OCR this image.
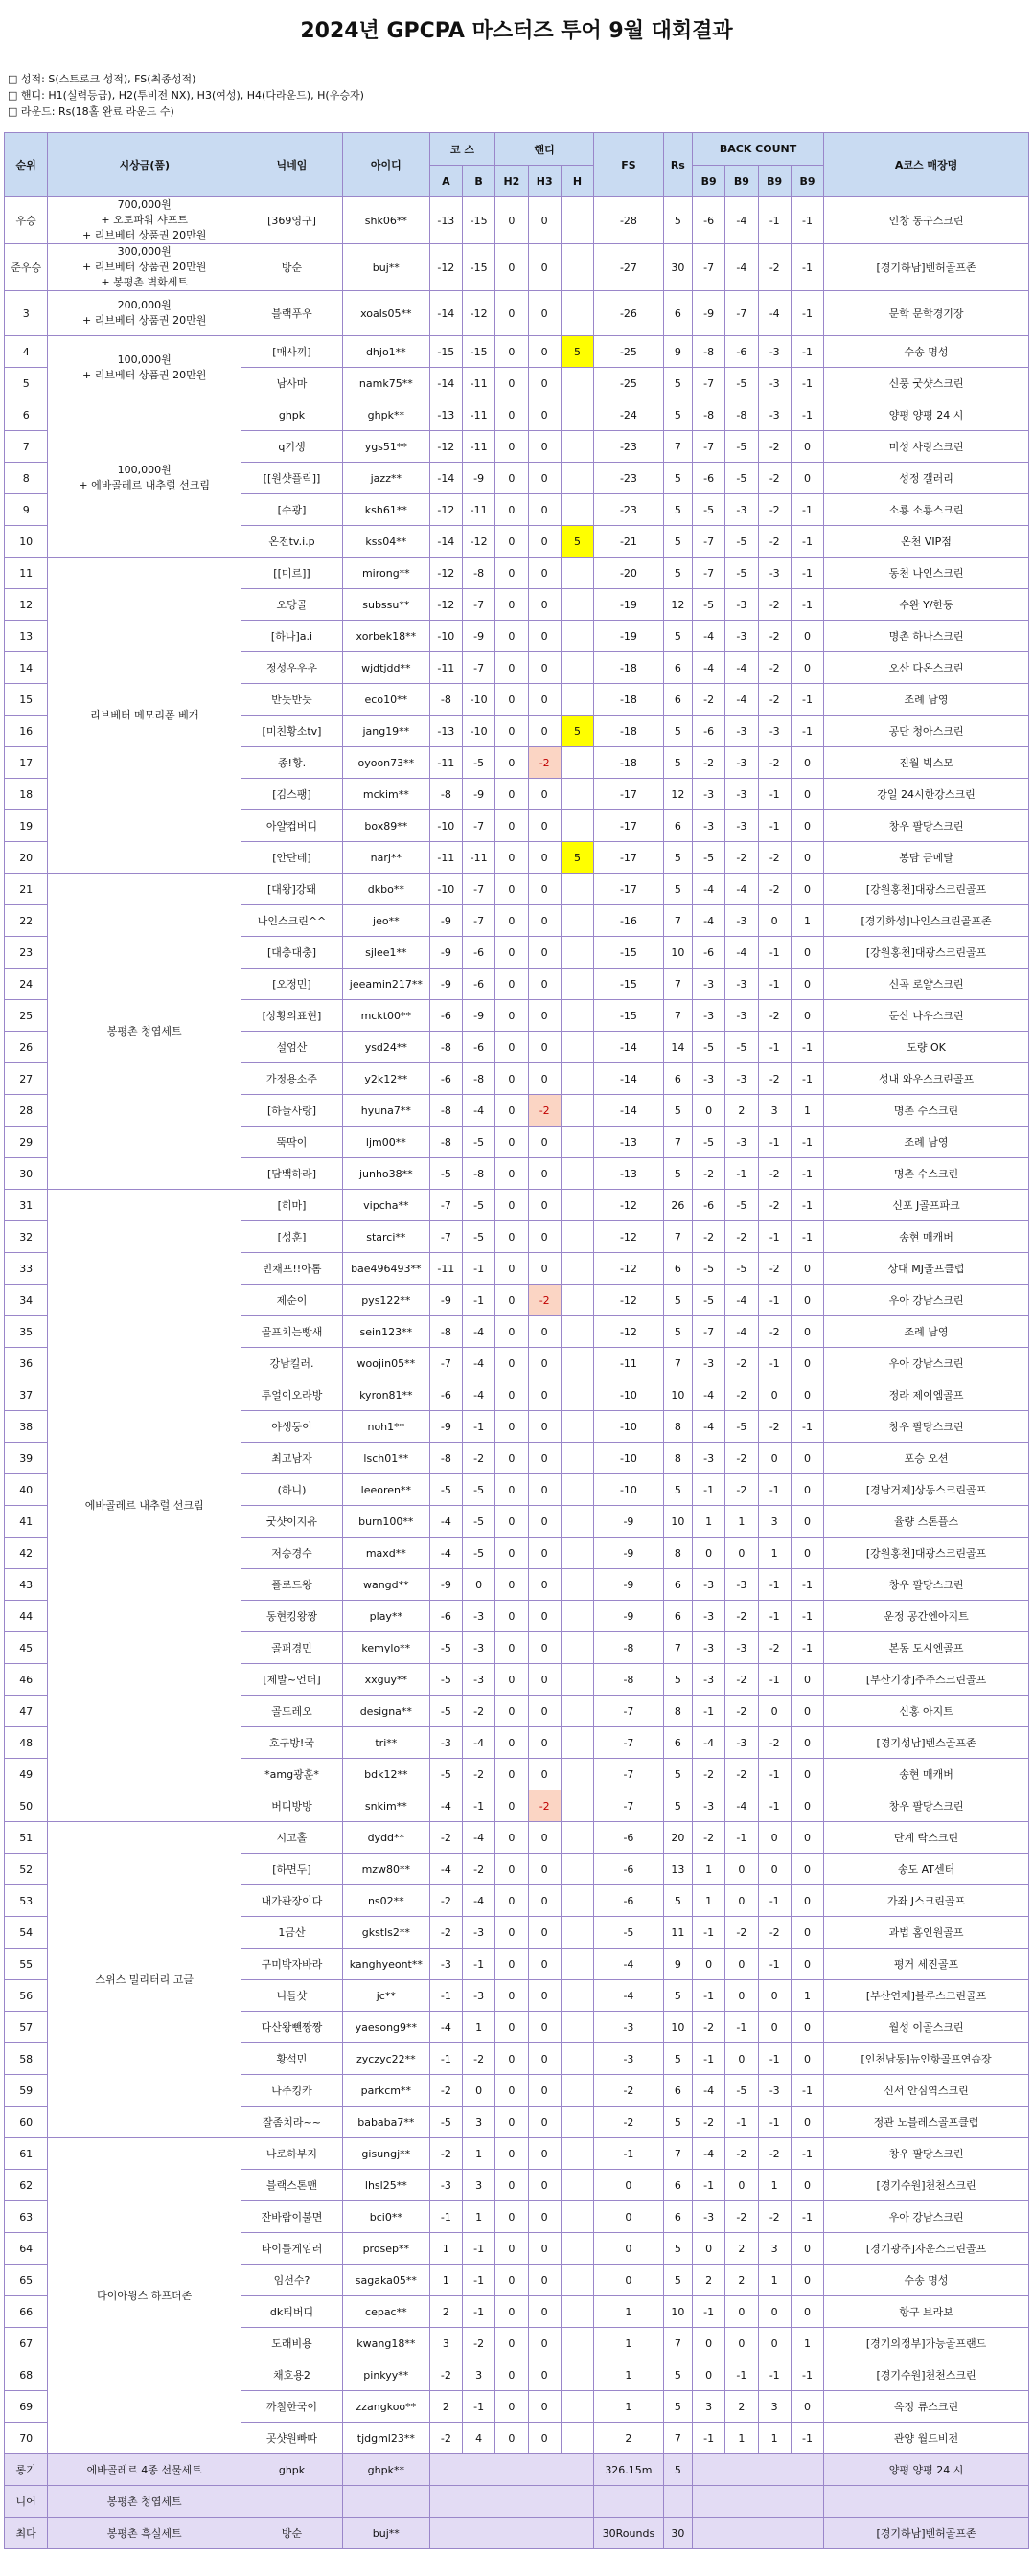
2024년 GPCPA 마스터즈 투어 9월 대회결과
□ 성적: S(스트로크 성적), FS(최종성적)
□ 핸디: H1(실력등급), H2(투비전 NX), H3(여성), H4(다라운드), H(우승자)
□ 라운드: Rs(18홀 완료 라운드 수)
순위	시상금(품)	닉네임	아이디	코 스		핸디			FS	Rs	BACK COUNT				A코스 매장명
				A	B	H2	H3	H			B9	B9	B9	B9	
우승	700,000원
+ 오토파워 샤프트
+ 리브베터 상품권 20만원	[369영구]	shk06**	-13	-15	0	0		-28	5	-6	-4	-1	-1	인창 동구스크린
준우승	300,000원
+ 리브베터 상품권 20만원
+ 봉평촌 벽화세트	방순	buj**	-12	-15	0	0		-27	30	-7	-4	-2	-1	[경기하남]벤허골프존
3	200,000원
+ 리브베터 상품권 20만원	블랙푸우	xoals05**	-14	-12	0	0		-26	6	-9	-7	-4	-1	문학 문학경기장
4	100,000원
+ 리브베터 상품권 20만원	[매사끼]	dhjo1**	-15	-15	0	0	5	-25	9	-8	-6	-3	-1	수송 명성
5		남사마	namk75**	-14	-11	0	0		-25	5	-7	-5	-3	-1	신풍 굿샷스크린
6	100,000원
+ 에바골레르 내추럴 선크림	ghpk	ghpk**	-13	-11	0	0		-24	5	-8	-8	-3	-1	양평 양평 24 시
7		q기생	ygs51**	-12	-11	0	0		-23	7	-7	-5	-2	0	미성 사랑스크린
8		[[원샷플릭]]	jazz**	-14	-9	0	0		-23	5	-6	-5	-2	0	성정 갤러리
9		[수광]	ksh61**	-12	-11	0	0		-23	5	-5	-3	-2	-1	소룡 소룡스크린
10		온전tv.i.p	kss04**	-14	-12	0	0	5	-21	5	-7	-5	-2	-1	온천 VIP점
11	리브베터 메모리폼 베개	[[미르]]	mirong**	-12	-8	0	0		-20	5	-7	-5	-3	-1	동천 나인스크린
12		오당골	subssu**	-12	-7	0	0		-19	12	-5	-3	-2	-1	수완 Y/한동
13		[하나]a.i	xorbek18**	-10	-9	0	0		-19	5	-4	-3	-2	0	명촌 하나스크린
14		정성우우우	wjdtjdd**	-11	-7	0	0		-18	6	-4	-4	-2	0	오산 다온스크린
15		반듯반듯	eco10**	-8	-10	0	0		-18	6	-2	-4	-2	-1	조례 남영
16		[미친황소tv]	jang19**	-13	-10	0	0	5	-18	5	-6	-3	-3	-1	공단 청아스크린
17		종!황.	oyoon73**	-11	-5	0	-2		-18	5	-2	-3	-2	0	진월 빅스모
18		[김스팽]	mckim**	-8	-9	0	0		-17	12	-3	-3	-1	0	강일 24시한강스크린
19		아얄컵버디	box89**	-10	-7	0	0		-17	6	-3	-3	-1	0	창우 팔당스크린
20		[안단테]	narj**	-11	-11	0	0	5	-17	5	-5	-2	-2	0	봉담 금메달
21	봉평촌 청엽세트	[대왕]강돼	dkbo**	-10	-7	0	0		-17	5	-4	-4	-2	0	[강원홍천]대광스크린골프
22		나인스크린^^	jeo**	-9	-7	0	0		-16	7	-4	-3	0	1	[경기화성]나인스크린골프존
23		[대충대충]	sjlee1**	-9	-6	0	0		-15	10	-6	-4	-1	0	[강원홍천]대광스크린골프
24		[오정민]	jeeamin217**	-9	-6	0	0		-15	7	-3	-3	-1	0	신곡 로얄스크린
25		[상황의표현]	mckt00**	-6	-9	0	0		-15	7	-3	-3	-2	0	둔산 나우스크린
26		설엄산	ysd24**	-8	-6	0	0		-14	14	-5	-5	-1	-1	도량 OK
27		가정용소주	y2k12**	-6	-8	0	0		-14	6	-3	-3	-2	-1	성내 와우스크린골프
28		[하늘사랑]	hyuna7**	-8	-4	0	-2		-14	5	0	2	3	1	명촌 수스크린
29		뚝딱이	ljm00**	-8	-5	0	0		-13	7	-5	-3	-1	-1	조례 남영
30		[담백하라]	junho38**	-5	-8	0	0		-13	5	-2	-1	-2	-1	명촌 수스크린
31	에바골레르 내추럴 선크림	[히마]	vipcha**	-7	-5	0	0		-12	26	-6	-5	-2	-1	신포 J골프파크
32		[성훈]	starci**	-7	-5	0	0		-12	7	-2	-2	-1	-1	송현 매캐버
33		빈채프!!아톰	bae496493**	-11	-1	0	0		-12	6	-5	-5	-2	0	상대 MJ골프클럽
34		제순이	pys122**	-9	-1	0	-2		-12	5	-5	-4	-1	0	우아 강남스크린
35		골프치는빵새	sein123**	-8	-4	0	0		-12	5	-7	-4	-2	0	조례 남영
36		강남킬러.	woojin05**	-7	-4	0	0		-11	7	-3	-2	-1	0	우아 강남스크린
37		투얼이오라방	kyron81**	-6	-4	0	0		-10	10	-4	-2	0	0	정라 제이엠골프
38		야생둥이	noh1**	-9	-1	0	0		-10	8	-4	-5	-2	-1	창우 팔당스크린
39		최고남자	lsch01**	-8	-2	0	0		-10	8	-3	-2	0	0	포승 오션
40		(하니)	leeoren**	-5	-5	0	0		-10	5	-1	-2	-1	0	[경남거제]상동스크린골프
41		굿샷이지유	burn100**	-4	-5	0	0		-9	10	1	1	3	0	율량 스톤플스
42		저승경수	maxd**	-4	-5	0	0		-9	8	0	0	1	0	[강원홍천]대광스크린골프
43		폴로드왕	wangd**	-9	0	0	0		-9	6	-3	-3	-1	-1	창우 팔당스크린
44		동현킹왕짱	play**	-6	-3	0	0		-9	6	-3	-2	-1	-1	운정 공간엔아지트
45		골퍼경민	kemylo**	-5	-3	0	0		-8	7	-3	-3	-2	-1	본동 도시엔골프
46		[제발~언더]	xxguy**	-5	-3	0	0		-8	5	-3	-2	-1	0	[부산기장]주주스크린골프
47		골드레오	designa**	-5	-2	0	0		-7	8	-1	-2	0	0	신홍 아지트
48		호구방!국	tri**	-3	-4	0	0		-7	6	-4	-3	-2	0	[경기성남]벤스골프존
49		*amg광훈*	bdk12**	-5	-2	0	0		-7	5	-2	-2	-1	0	송현 매캐버
50		버디방방	snkim**	-4	-1	0	-2		-7	5	-3	-4	-1	0	창우 팔당스크린
51	스위스 밀리터리 고글	시고홀	dydd**	-2	-4	0	0		-6	20	-2	-1	0	0	단계 락스크린
52		[하면두]	mzw80**	-4	-2	0	0		-6	13	1	0	0	0	송도 AT센터
53		내가관장이다	ns02**	-2	-4	0	0		-6	5	1	0	-1	0	가좌 J스크린골프
54		1금산	gkstls2**	-2	-3	0	0		-5	11	-1	-2	-2	0	과법 홈인원골프
55		구미박자바라	kanghyeont**	-3	-1	0	0		-4	9	0	0	-1	0	평거 세진골프
56		니들샷	jc**	-1	-3	0	0		-4	5	-1	0	0	1	[부산연제]블루스크린골프
57		다산왕뺀짱짱	yaesong9**	-4	1	0	0		-3	10	-2	-1	0	0	월성 이골스크린
58		황석민	zyczyc22**	-1	-2	0	0		-3	5	-1	0	-1	0	[인천남동]뉴인항골프연습장
59		나주킹카	parkcm**	-2	0	0	0		-2	6	-4	-5	-3	-1	신서 안심역스크린
60		잘좀치라~~	bababa7**	-5	3	0	0		-2	5	-2	-1	-1	0	정관 노블레스골프클럽
61	다이아윙스 하프더존	나로하부지	gisungj**	-2	1	0	0		-1	7	-4	-2	-2	-1	창우 팔당스크린
62		블랙스톤맨	lhsl25**	-3	3	0	0		0	6	-1	0	1	0	[경기수원]천천스크린
63		잔바람이불면	bci0**	-1	1	0	0		0	6	-3	-2	-2	-1	우아 강남스크린
64		타이틀게임러	prosep**	1	-1	0	0		0	5	0	2	3	0	[경기광주]자운스크린골프
65		임선수?	sagaka05**	1	-1	0	0		0	5	2	2	1	0	수송 명성
66		dk티버디	cepac**	2	-1	0	0		1	10	-1	0	0	0	항구 브라보
67		도래비용	kwang18**	3	-2	0	0		1	7	0	0	0	1	[경기의정부]가능골프랜드
68		채호용2	pinkyy**	-2	3	0	0		1	5	0	-1	-1	-1	[경기수원]천천스크린
69		까칠한국이	zzangkoo**	2	-1	0	0		1	5	3	2	3	0	옥정 류스크린
70		곳샷원빠따	tjdgml23**	-2	4	0	0		2	7	-1	1	1	-1	관양 월드비전
롱기	에바골레르 4종 선물세트	ghpk	ghpk**						326.15m	5					양평 양평 24 시
니어	봉평촌 청엽세트														
최다	봉평촌 흑실세트	방순	buj**						30Rounds	30					[경기하남]벤허골프존
